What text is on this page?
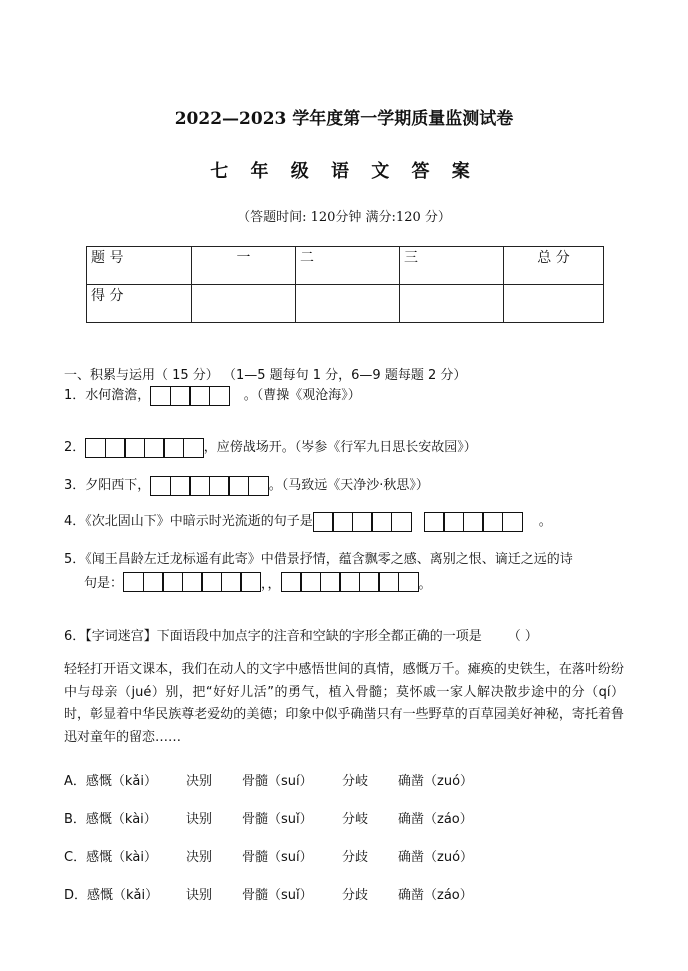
2022—2023 学年度第一学期质量监测试卷
七 年 级 语 文 答 案
（答题时间: 120分钟 满分:120 分）
题 号	一	二	三	总 分
得 分				
一、积累与运用（ 15 分） （1—5 题每句 1 分，6—9 题每题 2 分）
1．水何澹澹，	。（曹操《观沧海》）
2．	，应傍战场开。（岑参《行军九日思长安故园》）
3．夕阳西下，	。（马致远《天净沙·秋思》）
4．《次北固山下》中暗示时光流逝的句子是	。
5．《闻王昌龄左迁龙标遥有此寄》中借景抒情，蕴含飘零之感、离别之恨、谪迁之远的诗
句是：	，，	。
6．【字词迷宫】下面语段中加点字的注音和空缺的字形全都正确的一项是 （ ）
轻轻打开语文课本，我们在动人的文字中感悟世间的真情，感慨万千。瘫痪的史铁生，在落叶纷纷中与母亲（jué）别，把“好好儿活”的勇气，植入骨髓；莫怀戚一家人解决散步途中的分（qí）时，彰显着中华民族尊老爱幼的美德；印象中似乎确凿只有一些野草的百草园美好神秘，寄托着鲁迅对童年的留恋……
A．感慨（kǎi） 决别 骨髓（suí） 分岐 确凿（zuó）
B．感慨（kài） 诀别 骨髓（suǐ） 分岐 确凿（záo）
C．感慨（kài） 决别 骨髓（suí） 分歧 确凿（zuó）
D．感慨（kǎi） 诀别 骨髓（suǐ） 分歧 确凿（záo）
